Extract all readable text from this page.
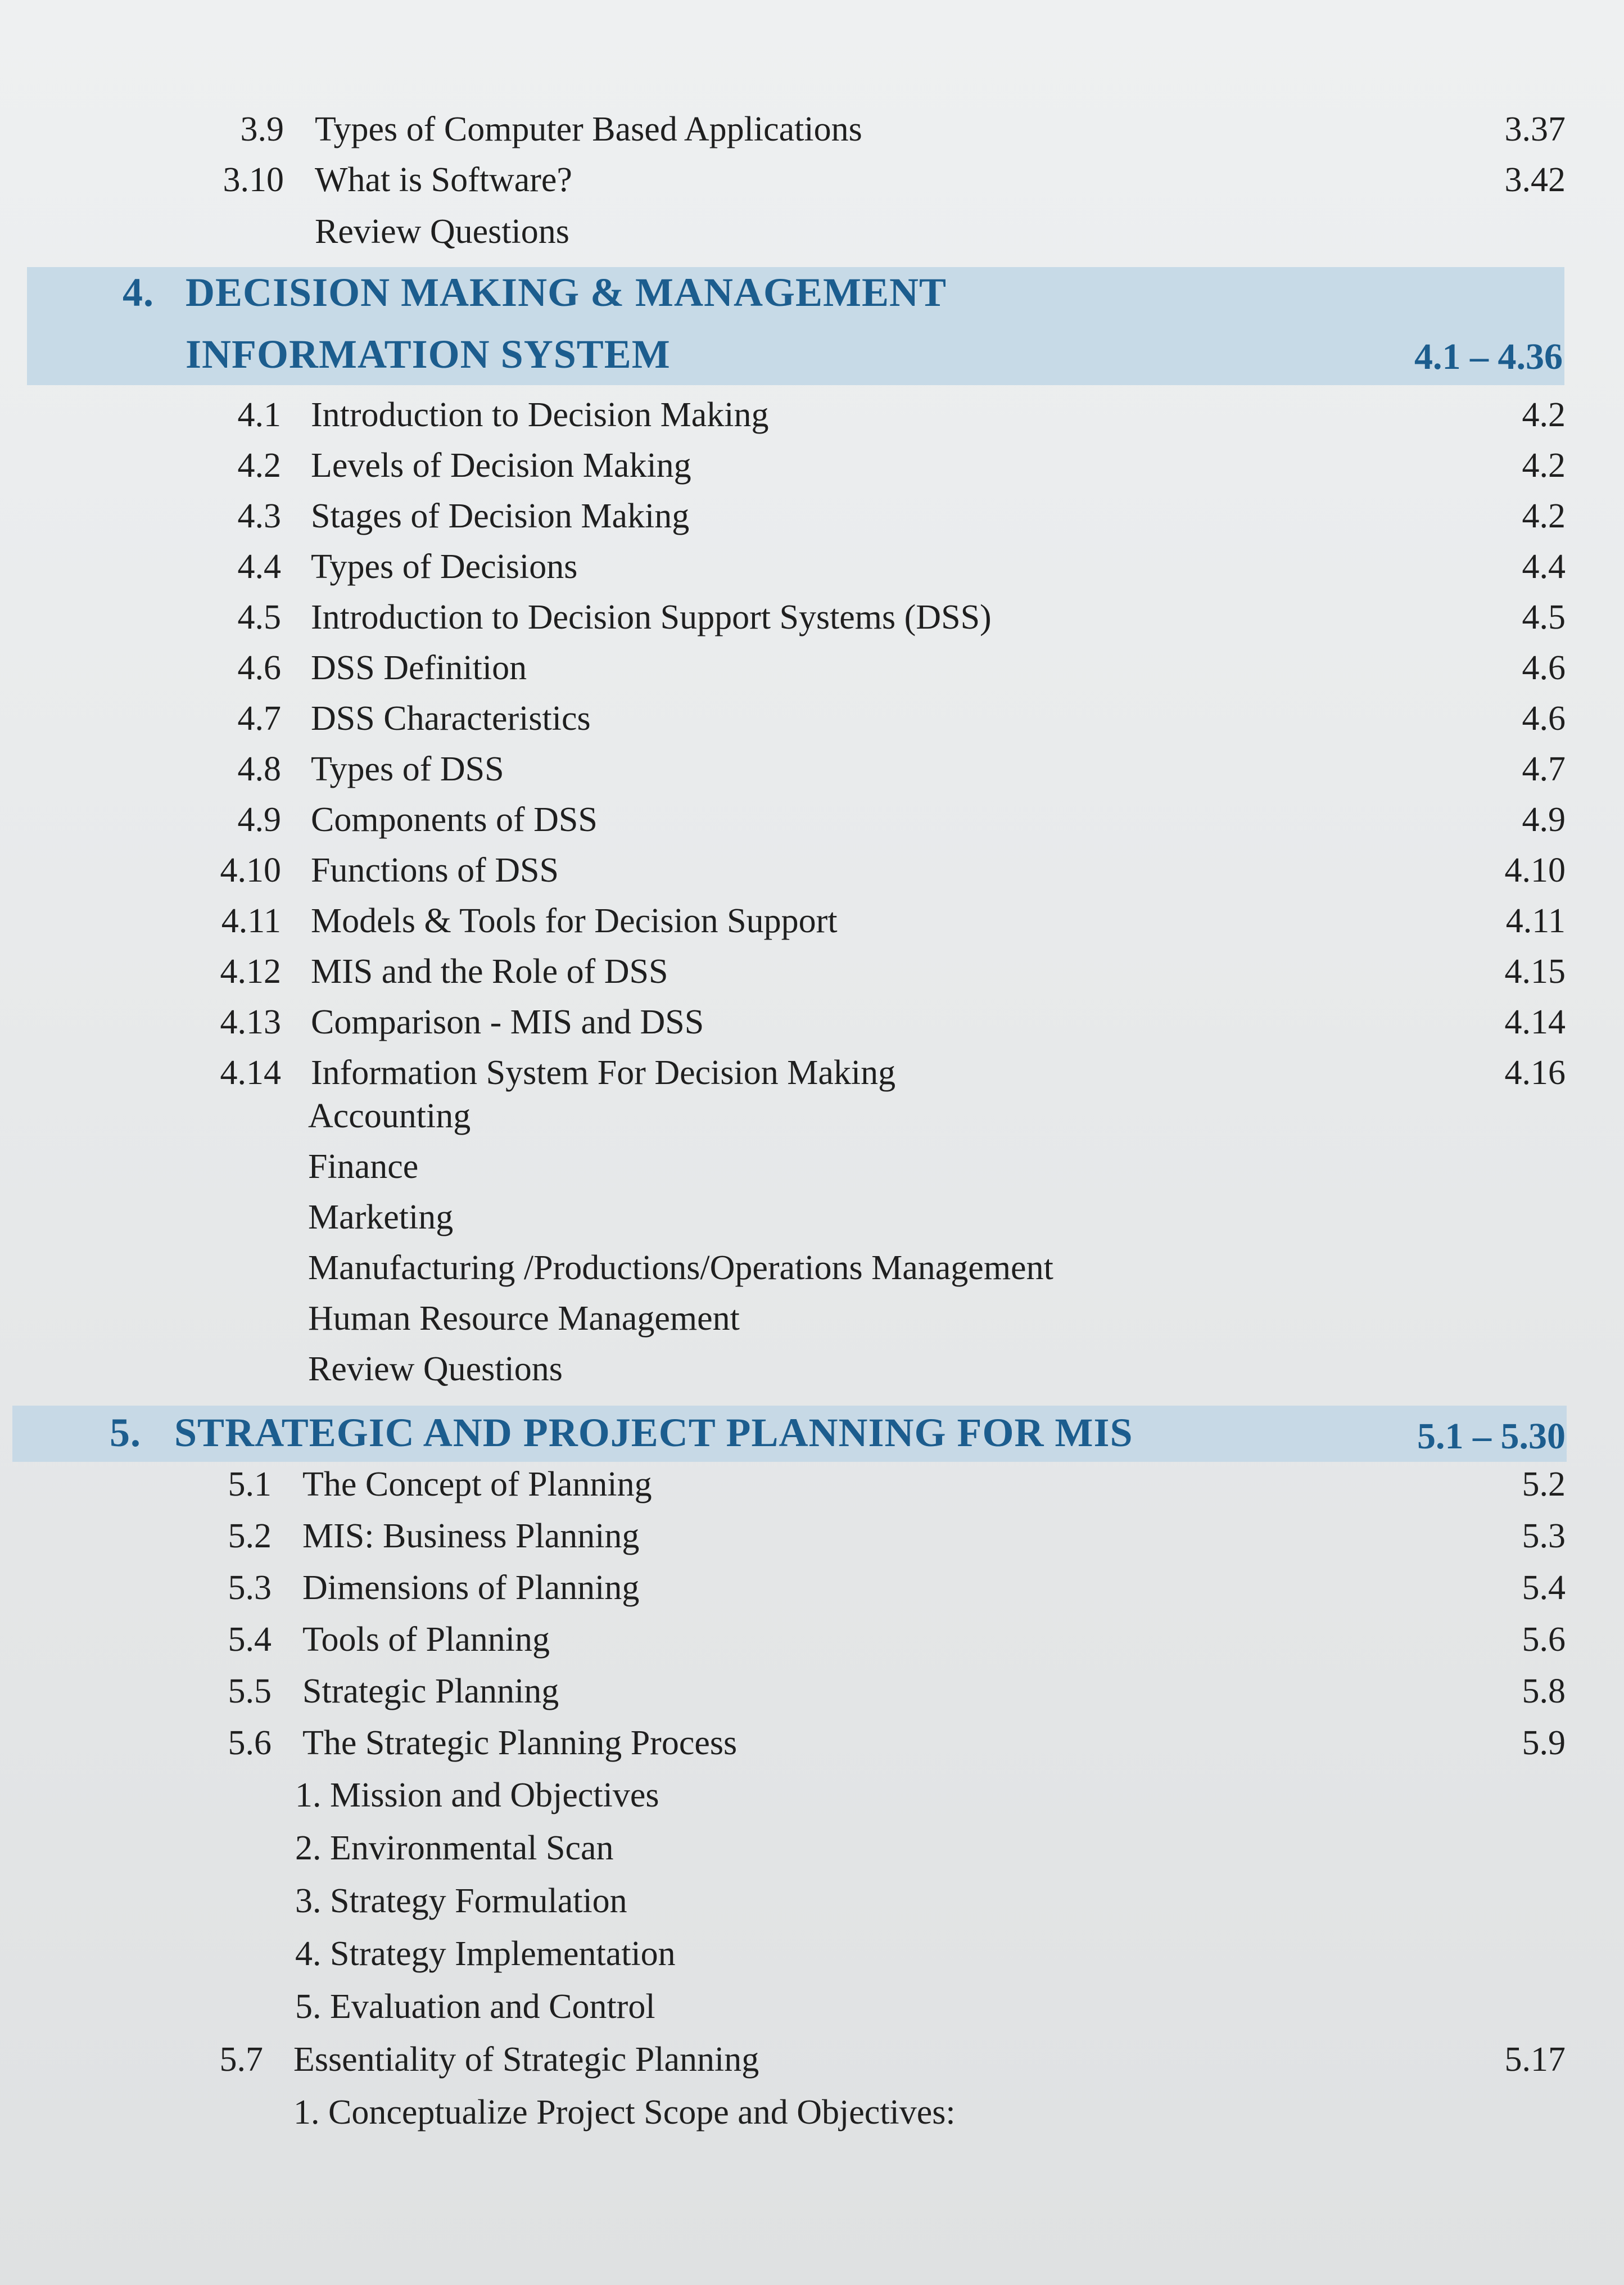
3.9 Types of Computer Based Applications	3.37
3.10 What is Software?	3.42
Review Questions
4. DECISION MAKING & MANAGEMENT
INFORMATION SYSTEM	4.1 – 4.36
4.1 Introduction to Decision Making	4.2
4.2 Levels of Decision Making	4.2
4.3 Stages of Decision Making	4.2
4.4 Types of Decisions	4.4
4.5 Introduction to Decision Support Systems (DSS)	4.5
4.6 DSS Definition	4.6
4.7 DSS Characteristics	4.6
4.8 Types of DSS	4.7
4.9 Components of DSS	4.9
4.10 Functions of DSS	4.10
4.11 Models & Tools for Decision Support	4.11
4.12 MIS and the Role of DSS	4.15
4.13 Comparison - MIS and DSS	4.14
4.14 Information System For Decision Making	4.16
Accounting
Finance
Marketing
Manufacturing /Productions/Operations Management
Human Resource Management
Review Questions
5. STRATEGIC AND PROJECT PLANNING FOR MIS	5.1 – 5.30
5.1 The Concept of Planning	5.2
5.2 MIS: Business Planning	5.3
5.3 Dimensions of Planning	5.4
5.4 Tools of Planning	5.6
5.5 Strategic Planning	5.8
5.6 The Strategic Planning Process	5.9
1. Mission and Objectives
2. Environmental Scan
3. Strategy Formulation
4. Strategy Implementation
5. Evaluation and Control
5.7 Essentiality of Strategic Planning	5.17
1. Conceptualize Project Scope and Objectives:
